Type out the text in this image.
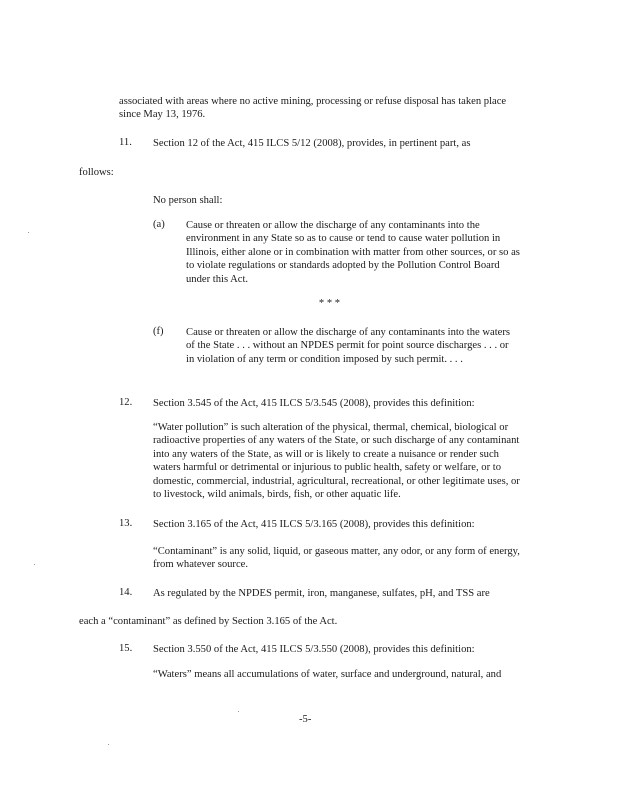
associated with areas where no active mining, processing or refuse disposal has taken place since May 13, 1976.
11. Section 12 of the Act, 415 ILCS 5/12 (2008), provides, in pertinent part, as
follows:
No person shall:
(a) Cause or threaten or allow the discharge of any contaminants into the environment in any State so as to cause or tend to cause water pollution in Illinois, either alone or in combination with matter from other sources, or so as to violate regulations or standards adopted by the Pollution Control Board under this Act.
* * *
(f) Cause or threaten or allow the discharge of any contaminants into the waters of the State . . . without an NPDES permit for point source discharges . . . or in violation of any term or condition imposed by such permit. . . .
12. Section 3.545 of the Act, 415 ILCS 5/3.545 (2008), provides this definition:
“Water pollution” is such alteration of the physical, thermal, chemical, biological or radioactive properties of any waters of the State, or such discharge of any contaminant into any waters of the State, as will or is likely to create a nuisance or render such waters harmful or detrimental or injurious to public health, safety or welfare, or to domestic, commercial, industrial, agricultural, recreational, or other legitimate uses, or to livestock, wild animals, birds, fish, or other aquatic life.
13. Section 3.165 of the Act, 415 ILCS 5/3.165 (2008), provides this definition:
“Contaminant” is any solid, liquid, or gaseous matter, any odor, or any form of energy, from whatever source.
14. As regulated by the NPDES permit, iron, manganese, sulfates, pH, and TSS are
each a “contaminant” as defined by Section 3.165 of the Act.
15. Section 3.550 of the Act, 415 ILCS 5/3.550 (2008), provides this definition:
“Waters” means all accumulations of water, surface and underground, natural, and
-5-
